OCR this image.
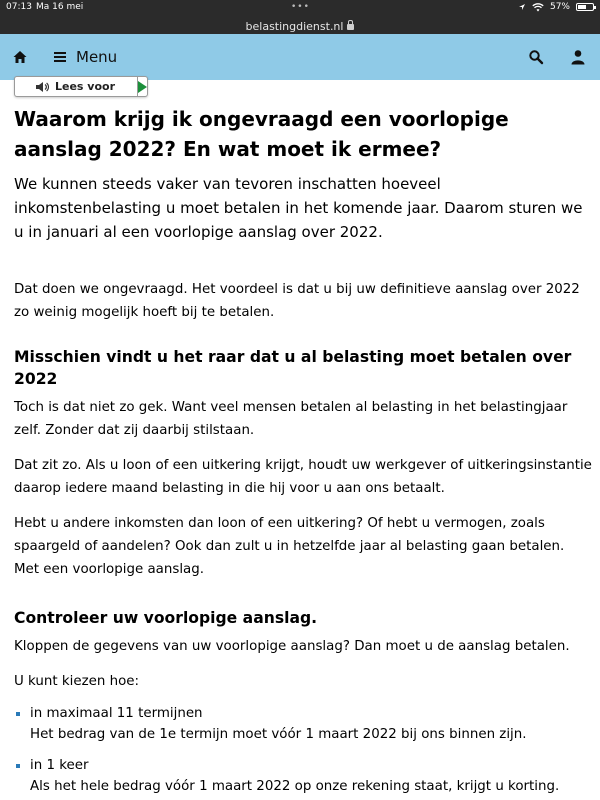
07:13 Ma 16 mei	•••	57%
belastingdienst.nl
Menu
Lees voor
Waarom krijg ik ongevraagd een voorlopige aanslag 2022? En wat moet ik ermee?

We kunnen steeds vaker van tevoren inschatten hoeveel inkomstenbelasting u moet betalen in het komende jaar. Daarom sturen we u in januari al een voorlopige aanslag over 2022.

Dat doen we ongevraagd. Het voordeel is dat u bij uw definitieve aanslag over 2022 zo weinig mogelijk hoeft bij te betalen.

Misschien vindt u het raar dat u al belasting moet betalen over 2022

Toch is dat niet zo gek. Want veel mensen betalen al belasting in het belastingjaar zelf. Zonder dat zij daarbij stilstaan.

Dat zit zo. Als u loon of een uitkering krijgt, houdt uw werkgever of uitkeringsinstantie daarop iedere maand belasting in die hij voor u aan ons betaalt.

Hebt u andere inkomsten dan loon of een uitkering? Of hebt u vermogen, zoals spaargeld of aandelen? Ook dan zult u in hetzelfde jaar al belasting gaan betalen. Met een voorlopige aanslag.

Controleer uw voorlopige aanslag.

Kloppen de gegevens van uw voorlopige aanslag? Dan moet u de aanslag betalen.

U kunt kiezen hoe:

in maximaal 11 termijnen
Het bedrag van de 1e termijn moet vóór 1 maart 2022 bij ons binnen zijn.
in 1 keer
Als het hele bedrag vóór 1 maart 2022 op onze rekening staat, krijgt u korting.
